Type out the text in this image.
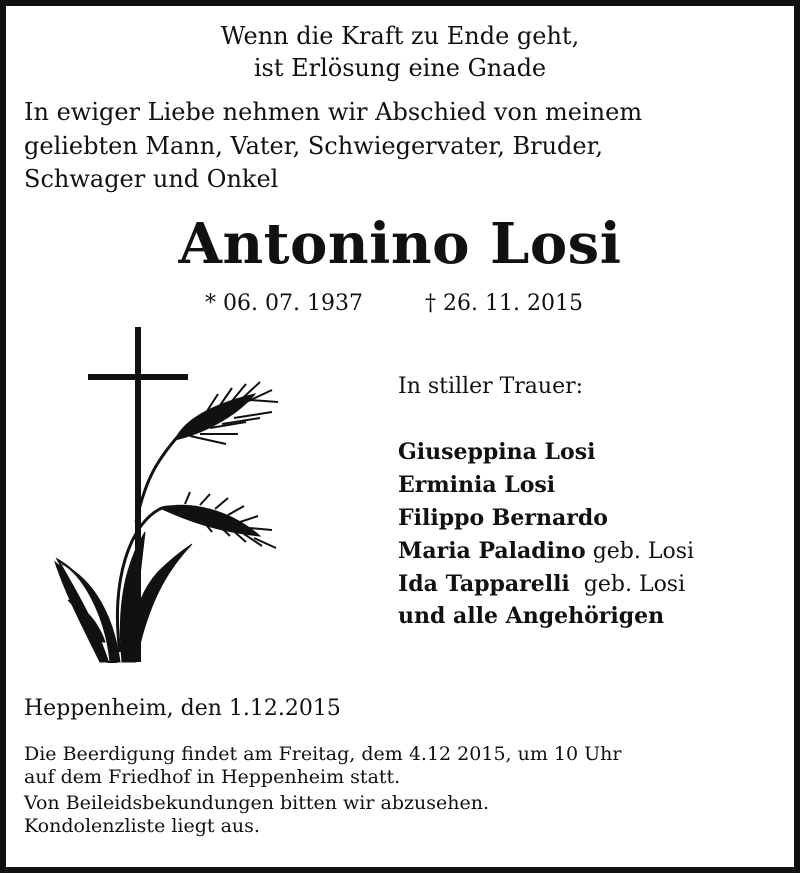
Wenn die Kraft zu Ende geht,
ist Erlösung eine Gnade
In ewiger Liebe nehmen wir Abschied von meinem
geliebten Mann, Vater, Schwiegervater, Bruder,
Schwager und Onkel
Antonino Losi
* 06. 07. 1937	† 26. 11. 2015
In stiller Trauer:
Giuseppina Losi
Erminia Losi
Filippo Bernardo
Maria Paladino geb. Losi
Ida Tapparelli  geb. Losi
und alle Angehörigen
Heppenheim, den 1.12.2015
Die Beerdigung findet am Freitag, dem 4.12 2015, um 10 Uhr
auf dem Friedhof in Heppenheim statt.
Von Beileidsbekundungen bitten wir abzusehen.
Kondolenzliste liegt aus.
